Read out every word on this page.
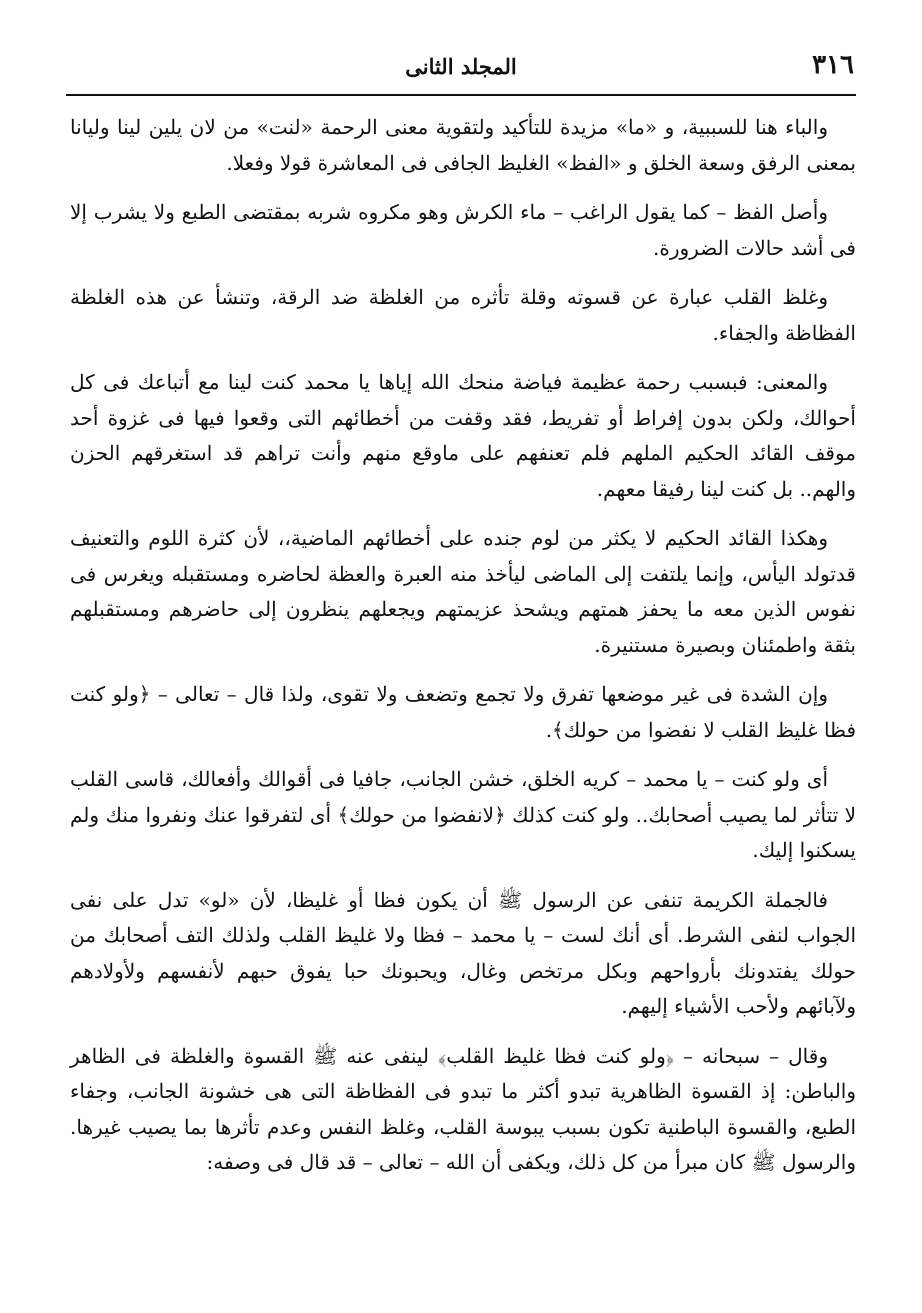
٣١٦
المجلد الثانى

والباء هنا للسببية، و «ما» مزيدة للتأكيد ولتقوية معنى الرحمة «لنت» من لان يلين لينا وليانا بمعنى الرفق وسعة الخلق و «الفظ» الغليظ الجافى فى المعاشرة قولا وفعلا.

وأصل الفظ – كما يقول الراغب – ماء الكرش وهو مكروه شربه بمقتضى الطبع ولا يشرب إلا فى أشد حالات الضرورة.

وغلظ القلب عبارة عن قسوته وقلة تأثره من الغلظة ضد الرقة، وتنشأ عن هذه الغلظة الفظاظة والجفاء.

والمعنى: فبسبب رحمة عظيمة فياضة منحك الله إياها يا محمد كنت لينا مع أتباعك فى كل أحوالك، ولكن بدون إفراط أو تفريط، فقد وقفت من أخطائهم التى وقعوا فيها فى غزوة أحد موقف القائد الحكيم الملهم فلم تعنفهم على ماوقع منهم وأنت تراهم قد استغرقهم الحزن والهم.. بل كنت لينا رفيقا معهم.

وهكذا القائد الحكيم لا يكثر من لوم جنده على أخطائهم الماضية،، لأن كثرة اللوم والتعنيف قدتولد اليأس، وإنما يلتفت إلى الماضى ليأخذ منه العبرة والعظة لحاضره ومستقبله ويغرس فى نفوس الذين معه ما يحفز همتهم ويشحذ عزيمتهم ويجعلهم ينظرون إلى حاضرهم ومستقبلهم بثقة واطمئنان وبصيرة مستنيرة.

وإن الشدة فى غير موضعها تفرق ولا تجمع وتضعف ولا تقوى، ولذا قال – تعالى – ﴿ولو كنت فظا غليظ القلب لا نفضوا من حولك﴾.

أى ولو كنت – يا محمد – كريه الخلق، خشن الجانب، جافيا فى أقوالك وأفعالك، قاسى القلب لا تتأثر لما يصيب أصحابك.. ولو كنت كذلك ﴿لانفضوا من حولك﴾ أى لتفرقوا عنك ونفروا منك ولم يسكنوا إليك.

فالجملة الكريمة تنفى عن الرسول ﷺ أن يكون فظا أو غليظا، لأن «لو» تدل على نفى الجواب لنفى الشرط. أى أنك لست – يا محمد – فظا ولا غليظ القلب ولذلك التف أصحابك من حولك يفتدونك بأرواحهم وبكل مرتخص وغال، ويحبونك حبا يفوق حبهم لأنفسهم ولأولادهم ولآبائهم ولأحب الأشياء إليهم.

وقال – سبحانه – ﴿ولو كنت فظا غليظ القلب﴾ لينفى عنه ﷺ القسوة والغلظة فى الظاهر والباطن: إذ القسوة الظاهرية تبدو أكثر ما تبدو فى الفظاظة التى هى خشونة الجانب، وجفاء الطبع، والقسوة الباطنية تكون بسبب يبوسة القلب، وغلظ النفس وعدم تأثرها بما يصيب غيرها. والرسول ﷺ كان مبرأ من كل ذلك، ويكفى أن الله – تعالى – قد قال فى وصفه:
